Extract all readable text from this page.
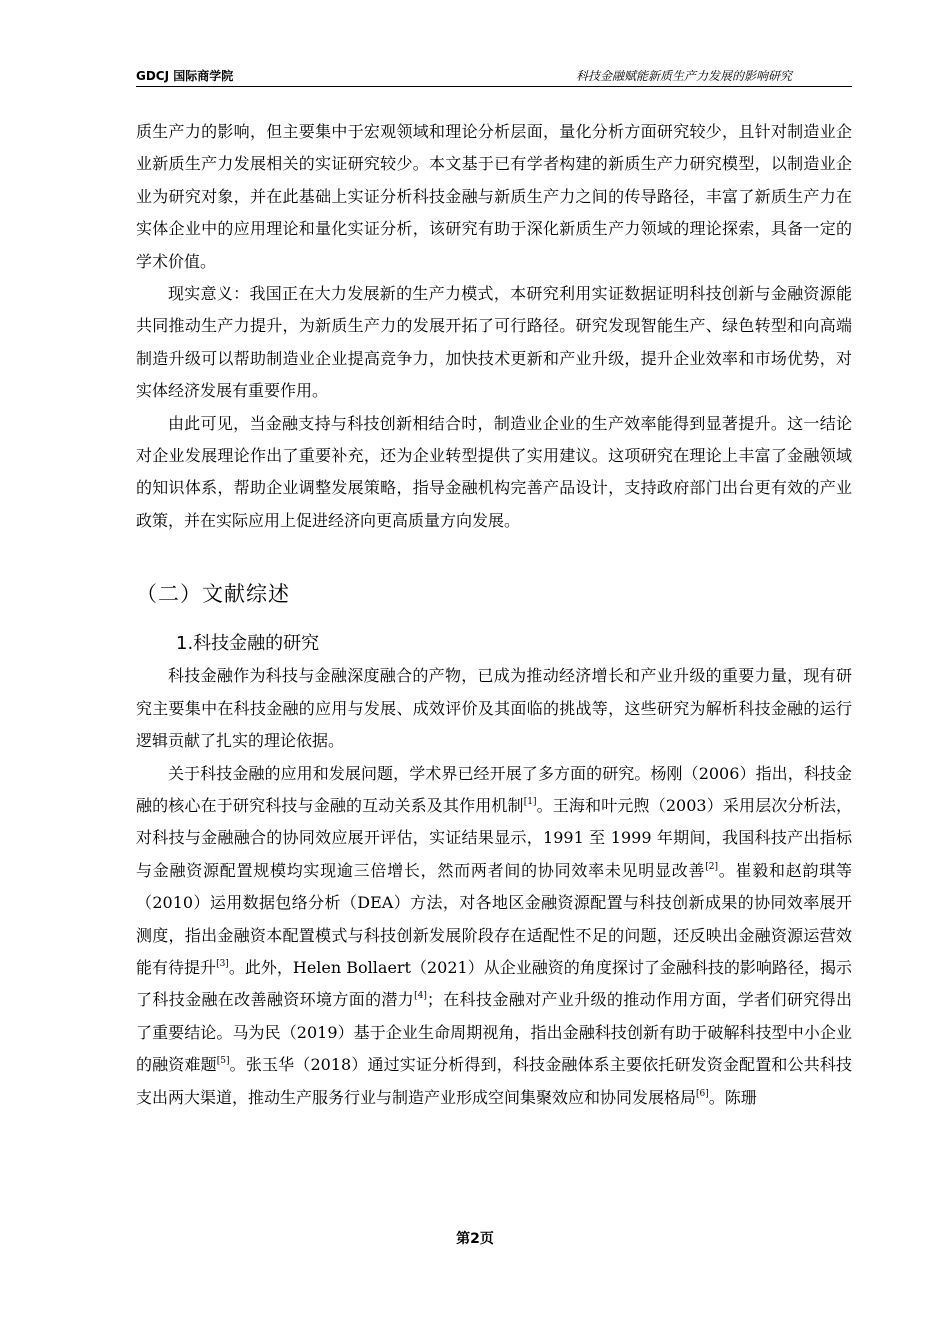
GDCJ 国际商学院	科技金融赋能新质生产力发展的影响研究

质生产力的影响，但主要集中于宏观领域和理论分析层面，量化分析方面研究较少，且针对制造业企业新质生产力发展相关的实证研究较少。本文基于已有学者构建的新质生产力研究模型，以制造业企业为研究对象，并在此基础上实证分析科技金融与新质生产力之间的传导路径，丰富了新质生产力在实体企业中的应用理论和量化实证分析，该研究有助于深化新质生产力领域的理论探索，具备一定的学术价值。

现实意义：我国正在大力发展新的生产力模式，本研究利用实证数据证明科技创新与金融资源能共同推动生产力提升，为新质生产力的发展开拓了可行路径。研究发现智能生产、绿色转型和向高端制造升级可以帮助制造业企业提高竞争力，加快技术更新和产业升级，提升企业效率和市场优势，对实体经济发展有重要作用。

由此可见，当金融支持与科技创新相结合时，制造业企业的生产效率能得到显著提升。这一结论对企业发展理论作出了重要补充，还为企业转型提供了实用建议。这项研究在理论上丰富了金融领域的知识体系，帮助企业调整发展策略，指导金融机构完善产品设计，支持政府部门出台更有效的产业政策，并在实际应用上促进经济向更高质量方向发展。

（二）文献综述
1.科技金融的研究

科技金融作为科技与金融深度融合的产物，已成为推动经济增长和产业升级的重要力量，现有研究主要集中在科技金融的应用与发展、成效评价及其面临的挑战等，这些研究为解析科技金融的运行逻辑贡献了扎实的理论依据。

关于科技金融的应用和发展问题，学术界已经开展了多方面的研究。杨刚（2006）指出，科技金融的核心在于研究科技与金融的互动关系及其作用机制[1]。王海和叶元煦（2003）采用层次分析法，对科技与金融融合的协同效应展开评估，实证结果显示，1991 至 1999 年期间，我国科技产出指标与金融资源配置规模均实现逾三倍增长，然而两者间的协同效率未见明显改善[2]。崔毅和赵韵琪等（2010）运用数据包络分析（DEA）方法，对各地区金融资源配置与科技创新成果的协同效率展开测度，指出金融资本配置模式与科技创新发展阶段存在适配性不足的问题，还反映出金融资源运营效能有待提升[3]。此外，Helen Bollaert（2021）从企业融资的角度探讨了金融科技的影响路径，揭示了科技金融在改善融资环境方面的潜力[4]；在科技金融对产业升级的推动作用方面，学者们研究得出了重要结论。马为民（2019）基于企业生命周期视角，指出金融科技创新有助于破解科技型中小企业的融资难题[5]。张玉华（2018）通过实证分析得到，科技金融体系主要依托研发资金配置和公共科技支出两大渠道，推动生产服务行业与制造产业形成空间集聚效应和协同发展格局[6]。陈珊

第2页
